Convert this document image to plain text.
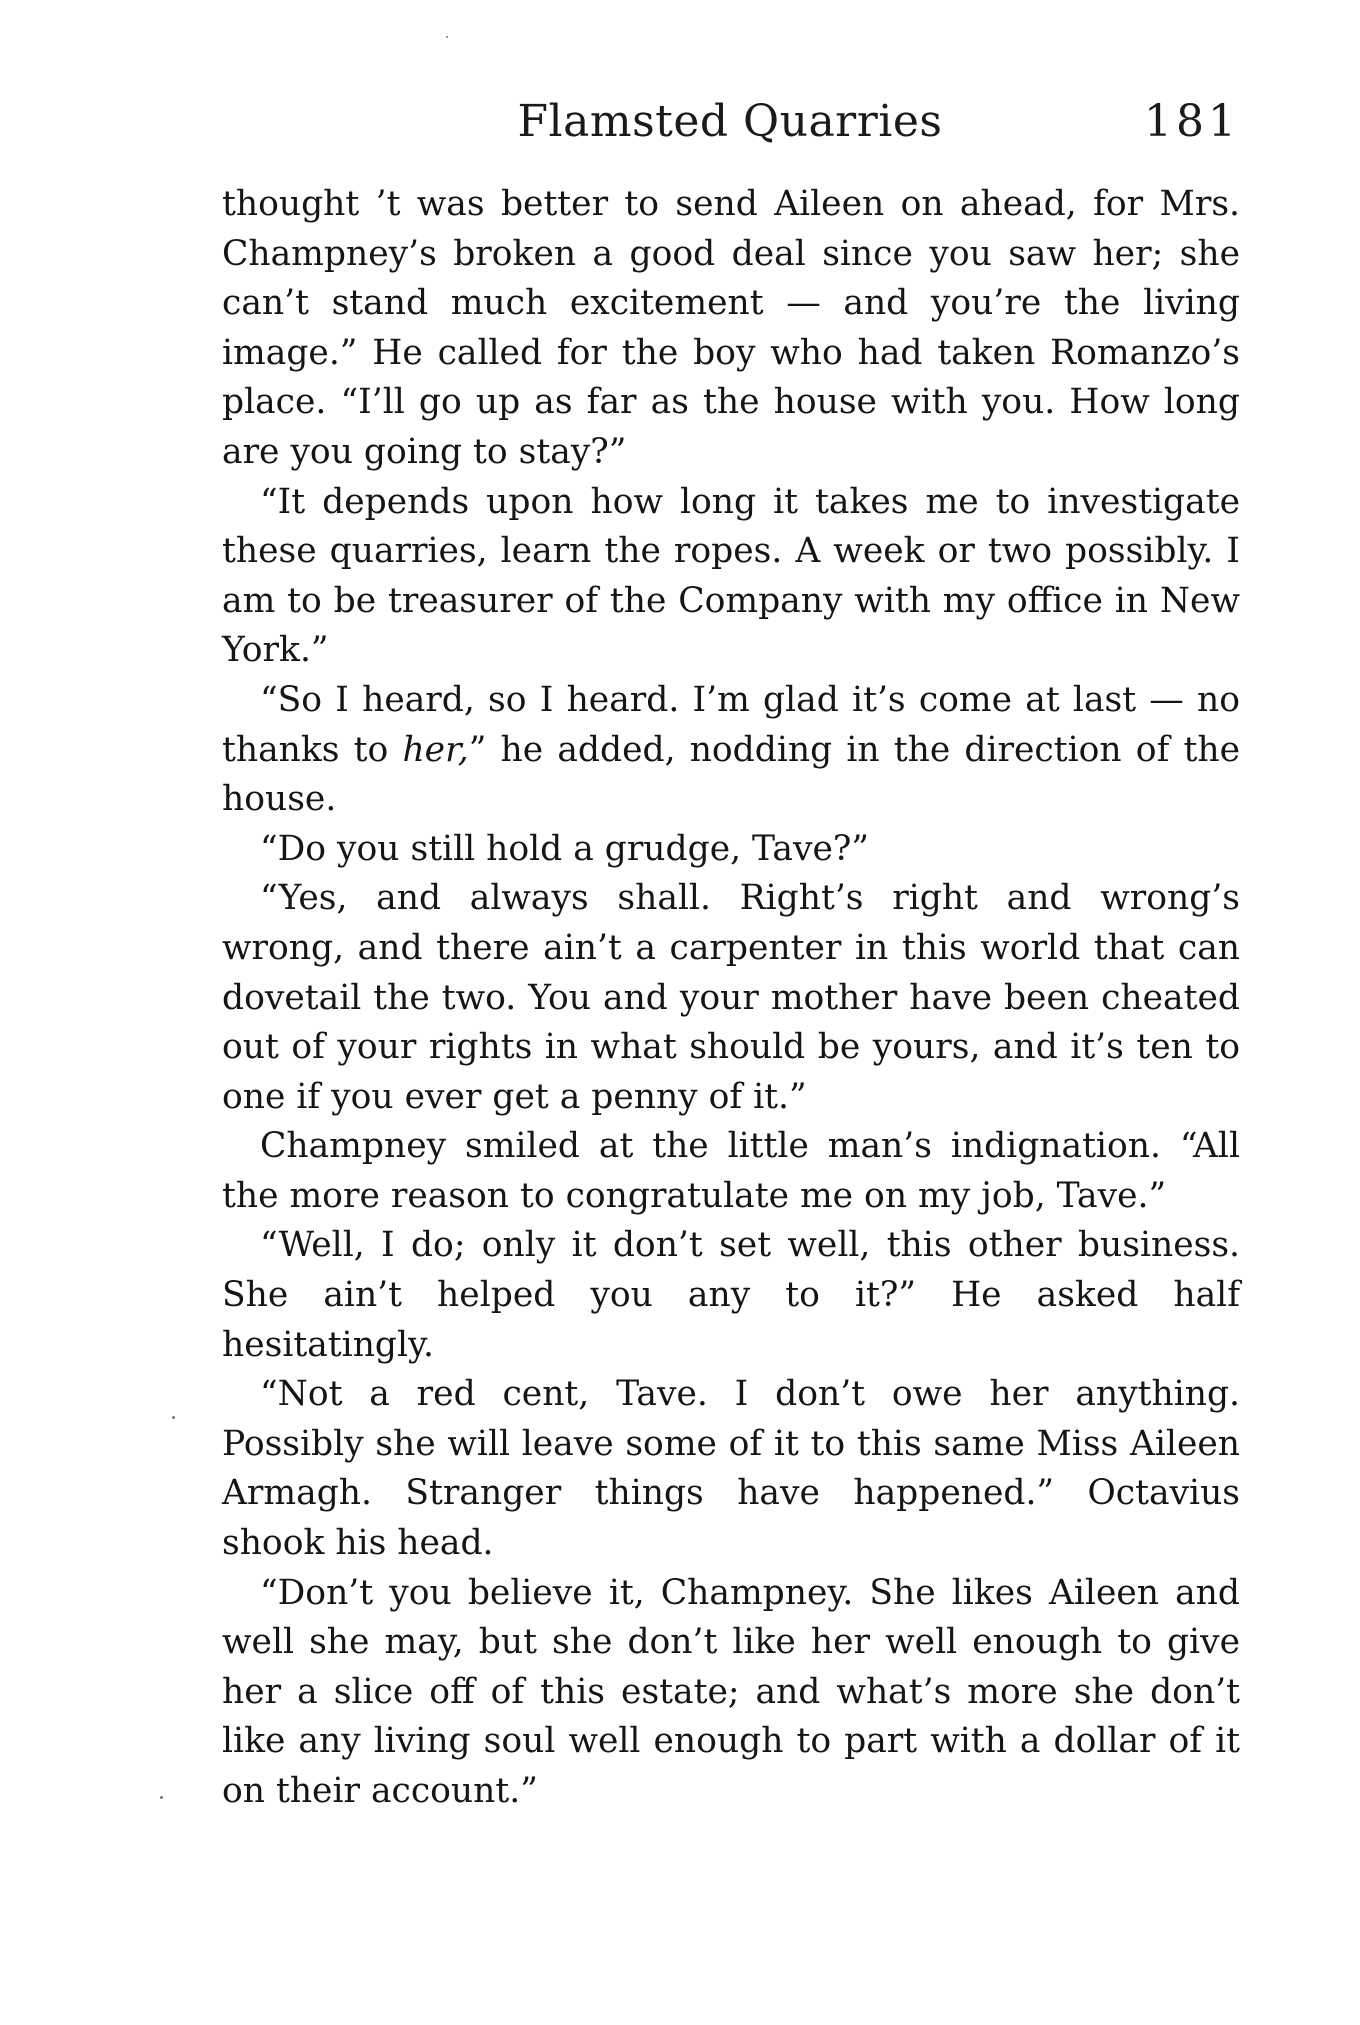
Flamsted Quarries	181

thought ’t was better to send Aileen on ahead, for Mrs. Champney’s broken a good deal since you saw her; she can’t stand much excitement — and you’re the living image.” He called for the boy who had taken Romanzo’s place. “I’ll go up as far as the house with you. How long are you going to stay?”

“It depends upon how long it takes me to investigate these quarries, learn the ropes. A week or two possibly. I am to be treasurer of the Company with my office in New York.”

“So I heard, so I heard. I’m glad it’s come at last — no thanks to her,” he added, nodding in the direction of the house.

“Do you still hold a grudge, Tave?”

“Yes, and always shall. Right’s right and wrong’s wrong, and there ain’t a carpenter in this world that can dovetail the two. You and your mother have been cheated out of your rights in what should be yours, and it’s ten to one if you ever get a penny of it.”

Champney smiled at the little man’s indignation. “All the more reason to congratulate me on my job, Tave.”

“Well, I do; only it don’t set well, this other business. She ain’t helped you any to it?” He asked half hesitatingly.

“Not a red cent, Tave. I don’t owe her anything. Possibly she will leave some of it to this same Miss Aileen Armagh. Stranger things have happened.” Octavius shook his head.

“Don’t you believe it, Champney. She likes Aileen and well she may, but she don’t like her well enough to give her a slice off of this estate; and what’s more she don’t like any living soul well enough to part with a dollar of it on their account.”
